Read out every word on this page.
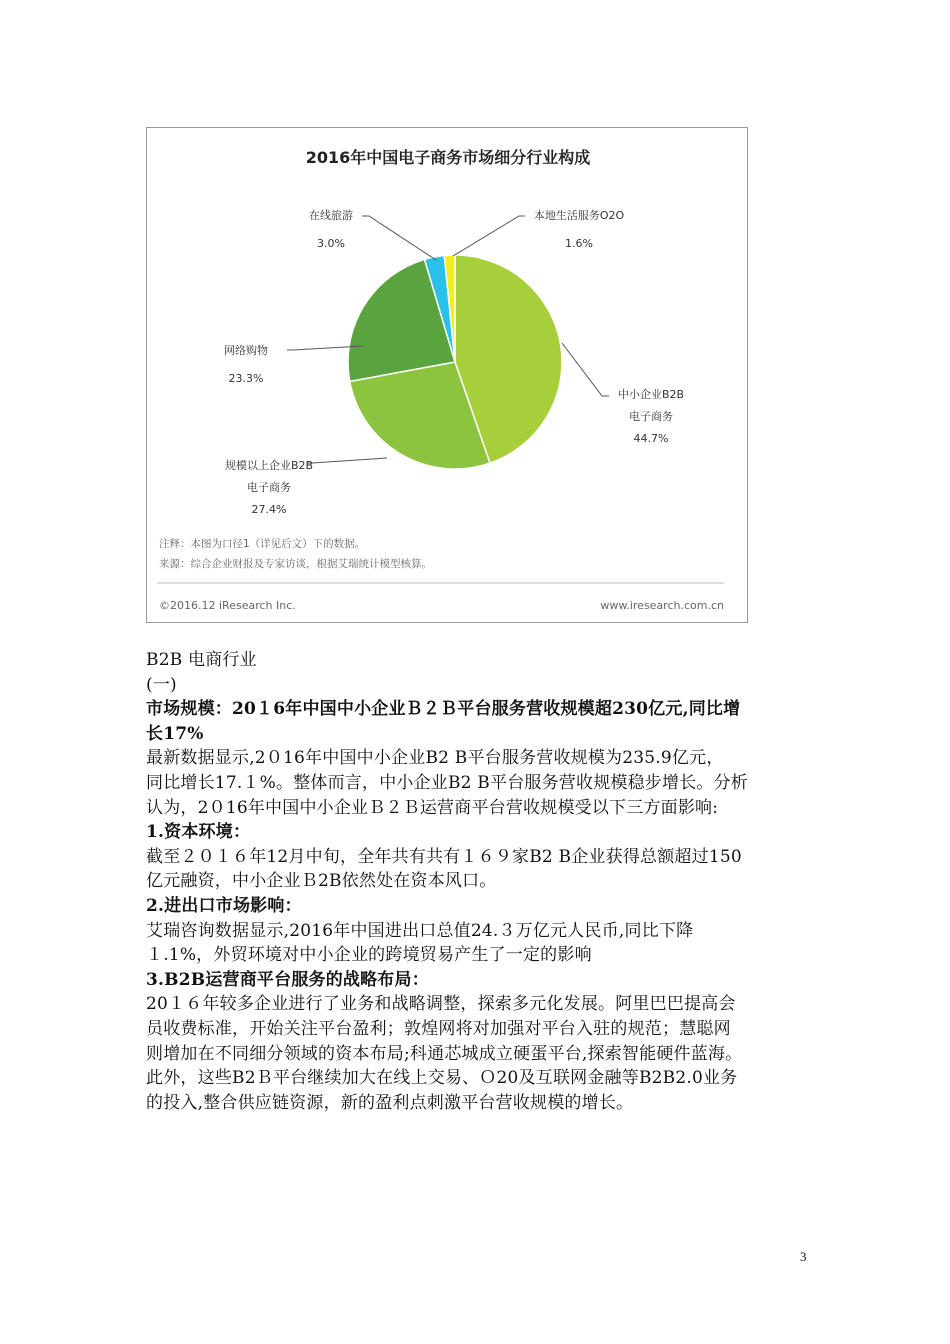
2016年中国电子商务市场细分行业构成
中小企业B2B
电子商务
44.7%
规模以上企业B2B
电子商务
27.4%
网络购物
23.3%
在线旅游
3.0%
本地生活服务O2O
1.6%
注释：本图为口径1（详见后文）下的数据。
来源：综合企业财报及专家访谈，根据艾瑞统计模型核算。
©2016.12 iResearch Inc.	www.iresearch.com.cn

B2B 电商行业

(一)

市场规模：20１6年中国中小企业Ｂ２Ｂ平台服务营收规模超230亿元,同比增

长17%

最新数据显示,2０16年中国中小企业B2 B平台服务营收规模为235.9亿元，

同比增长17.１%。整体而言，中小企业B2 B平台服务营收规模稳步增长。分析

认为，2０16年中国中小企业Ｂ２Ｂ运营商平台营收规模受以下三方面影响:

1.资本环境：

截至２０１６年12月中旬，全年共有共有１６９家B2 B企业获得总额超过150

亿元融资，中小企业Ｂ2B依然处在资本风口。

2.进出口市场影响：

艾瑞咨询数据显示,2016年中国进出口总值24.３万亿元人民币,同比下降

１.1%，外贸环境对中小企业的跨境贸易产生了一定的影响

3.B2B运营商平台服务的战略布局：

20１６年较多企业进行了业务和战略调整，探索多元化发展。阿里巴巴提高会

员收费标准，开始关注平台盈利；敦煌网将对加强对平台入驻的规范；慧聪网

则增加在不同细分领域的资本布局;科通芯城成立硬蛋平台,探索智能硬件蓝海。

此外，这些B2Ｂ平台继续加大在线上交易、Ｏ20及互联网金融等B2B2.0业务

的投入,整合供应链资源，新的盈利点刺激平台营收规模的增长。

3
